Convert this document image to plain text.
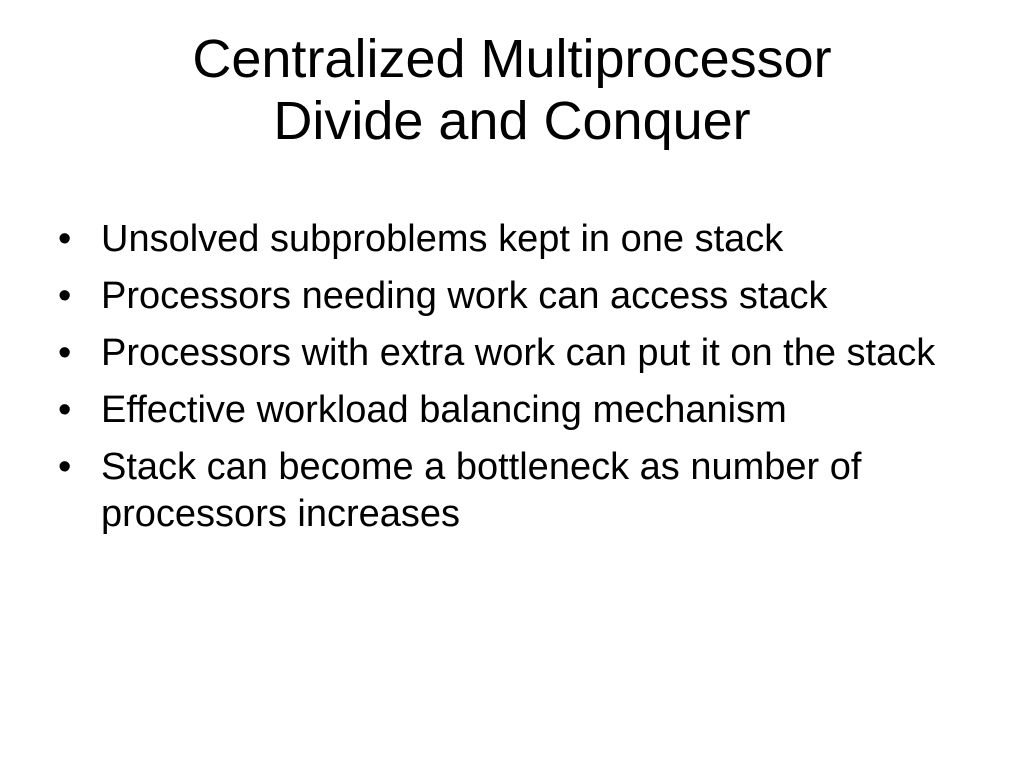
Centralized Multiprocessor
Divide and Conquer
• Unsolved subproblems kept in one stack
• Processors needing work can access stack
• Processors with extra work can put it on the stack
• Effective workload balancing mechanism
• Stack can become a bottleneck as number of processors increases
